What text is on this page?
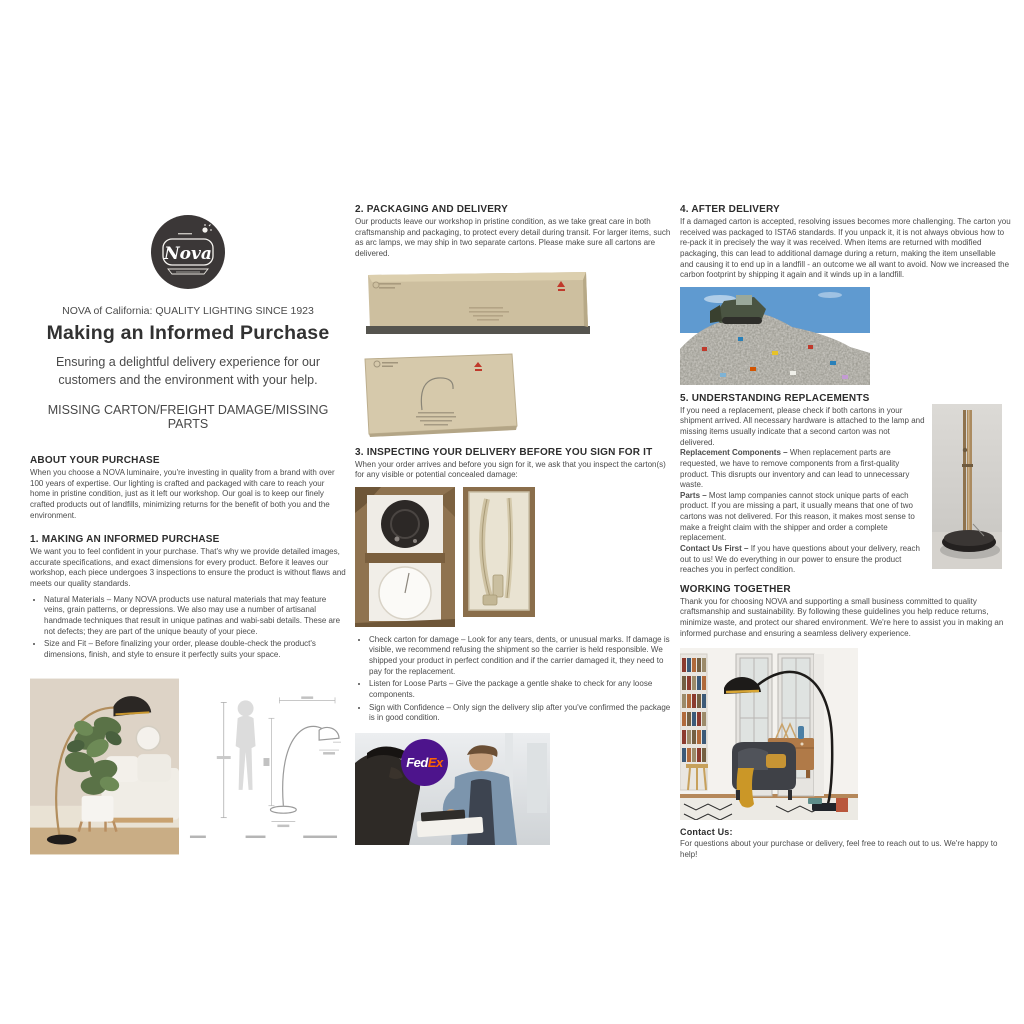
Nova
NOVA of California: QUALITY LIGHTING SINCE 1923
Making an Informed Purchase
Ensuring a delightful delivery experience for our customers and the environment with your help.
MISSING CARTON/FREIGHT DAMAGE/MISSING PARTS
ABOUT YOUR PURCHASE

When you choose a NOVA luminaire, you're investing in quality from a brand with over 100 years of expertise. Our lighting is crafted and packaged with care to reach your home in pristine condition, just as it left our workshop. Our goal is to keep our finely crafted products out of landfills, minimizing returns for the benefit of both you and the environment.

1. MAKING AN INFORMED PURCHASE

We want you to feel confident in your purchase. That's why we provide detailed images, accurate specifications, and exact dimensions for every product. Before it leaves our workshop, each piece undergoes 3 inspections to ensure the product is without flaws and meets our quality standards.

• Natural Materials – Many NOVA products use natural materials that may feature veins, grain patterns, or depressions. We also may use a number of artisanal handmade techniques that result in unique patinas and wabi-sabi details. These are not defects; they are part of the unique beauty of your piece.
• Size and Fit – Before finalizing your order, please double-check the product's dimensions, finish, and style to ensure it perfectly suits your space.
2. PACKAGING AND DELIVERY

Our products leave our workshop in pristine condition, as we take great care in both craftsmanship and packaging, to protect every detail during transit. For larger items, such as arc lamps, we may ship in two separate cartons. Please make sure all cartons are delivered.

3. INSPECTING YOUR DELIVERY BEFORE YOU SIGN FOR IT

When your order arrives and before you sign for it, we ask that you inspect the carton(s) for any visible or potential concealed damage:

• Check carton for damage – Look for any tears, dents, or unusual marks. If damage is visible, we recommend refusing the shipment so the carrier is held responsible. We shipped your product in perfect condition and if the carrier damaged it, they need to pay for the replacement.
• Listen for Loose Parts – Give the package a gentle shake to check for any loose components.
• Sign with Confidence – Only sign the delivery slip after you've confirmed the package is in good condition.
Fed Ex
4. AFTER DELIVERY

If a damaged carton is accepted, resolving issues becomes more challenging. The carton you received was packaged to ISTA6 standards. If you unpack it, it is not always obvious how to re-pack it in precisely the way it was received. When items are returned with modified packaging, this can lead to additional damage during a return, making the item unsellable and causing it to end up in a landfill - an outcome we all want to avoid. Now we increased the carbon footprint by shipping it again and it winds up in a landfill.

5. UNDERSTANDING REPLACEMENTS

If you need a replacement, please check if both cartons in your shipment arrived. All necessary hardware is attached to the lamp and missing items usually indicate that a second carton was not delivered.

Replacement Components – When replacement parts are requested, we have to remove components from a first-quality product. This disrupts our inventory and can lead to unnecessary waste.

Parts – Most lamp companies cannot stock unique parts of each product. If you are missing a part, it usually means that one of two cartons was not delivered. For this reason, it makes most sense to make a freight claim with the shipper and order a complete replacement.

Contact Us First – If you have questions about your delivery, reach out to us! We do everything in our power to ensure the product reaches you in perfect condition.

WORKING TOGETHER

Thank you for choosing NOVA and supporting a small business committed to quality craftsmanship and sustainability. By following these guidelines you help reduce returns, minimize waste, and protect our shared environment. We're here to assist you in making an informed purchase and ensuring a seamless delivery experience.

Contact Us:

For questions about your purchase or delivery, feel free to reach out to us. We're happy to help!
